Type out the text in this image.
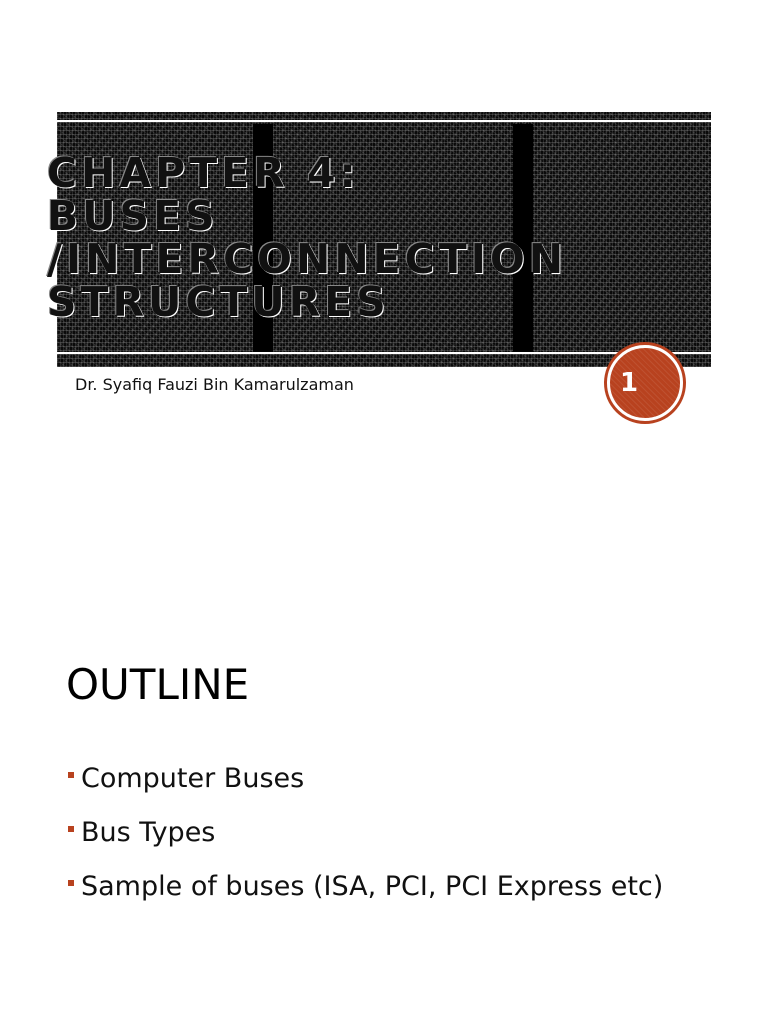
CHAPTER 4:
BUSES
/INTERCONNECTION
STRUCTURES
Dr. Syafiq Fauzi Bin Kamarulzaman	1
OUTLINE
Computer Buses
Bus Types
Sample of buses (ISA, PCI, PCI Express etc)
